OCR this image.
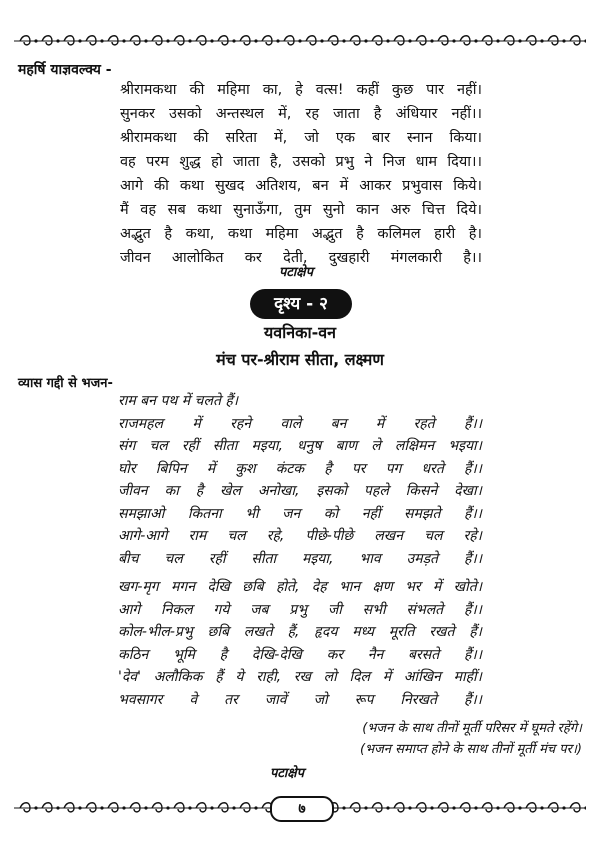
महर्षि याज्ञवल्क्य -
श्रीरामकथा की महिमा का, हे वत्स! कहीं कुछ पार नहीं।
सुनकर उसको अन्तस्थल में, रह जाता है अंधियार नहीं।।
श्रीरामकथा की सरिता में, जो एक बार स्नान किया।
वह परम शुद्ध हो जाता है, उसको प्रभु ने निज धाम दिया।।
आगे की कथा सुखद अतिशय, बन में आकर प्रभुवास किये।
मैं वह सब कथा सुनाऊँगा, तुम सुनो कान अरु चित्त दिये।
अद्भुत है कथा, कथा महिमा अद्भुत है कलिमल हारी है।
जीवन आलोकित कर देती, दुखहारी मंगलकारी है।।
पटाक्षेप
दृश्य - २
यवनिका-वन
मंच पर-श्रीराम सीता, लक्ष्मण
व्यास गद्दी से भजन-
राम बन पथ में चलते हैं।
राजमहल में रहने वाले बन में रहते हैं।।
संग चल रहीं सीता मइया, धनुष बाण ले लक्षिमन भइया।
घोर बिपिन में कुश कंटक है पर पग धरते हैं।।
जीवन का है खेल अनोखा, इसको पहले किसने देखा।
समझाओ कितना भी जन को नहीं समझते हैं।।
आगे-आगे राम चल रहे, पीछे-पीछे लखन चल रहे।
बीच चल रहीं सीता मइया, भाव उमड़ते हैं।।
खग-मृग मगन देखि छबि होते, देह भान क्षण भर में खोते।
आगे निकल गये जब प्रभु जी सभी संभलते हैं।।
कोल-भील-प्रभु छबि लखते हैं, हृदय मध्य मूरति रखते हैं।
कठिन भूमि है देखि-देखि कर नैन बरसते हैं।।
'देव' अलौकिक हैं ये राही, रख लो दिल में आंखिन माहीं।
भवसागर वे तर जावें जो रूप निरखते हैं।।
(भजन के साथ तीनों मूर्ती परिसर में घूमते रहेंगे।
(भजन समाप्त होने के साथ तीनों मूर्ती मंच पर।)
पटाक्षेप
७
